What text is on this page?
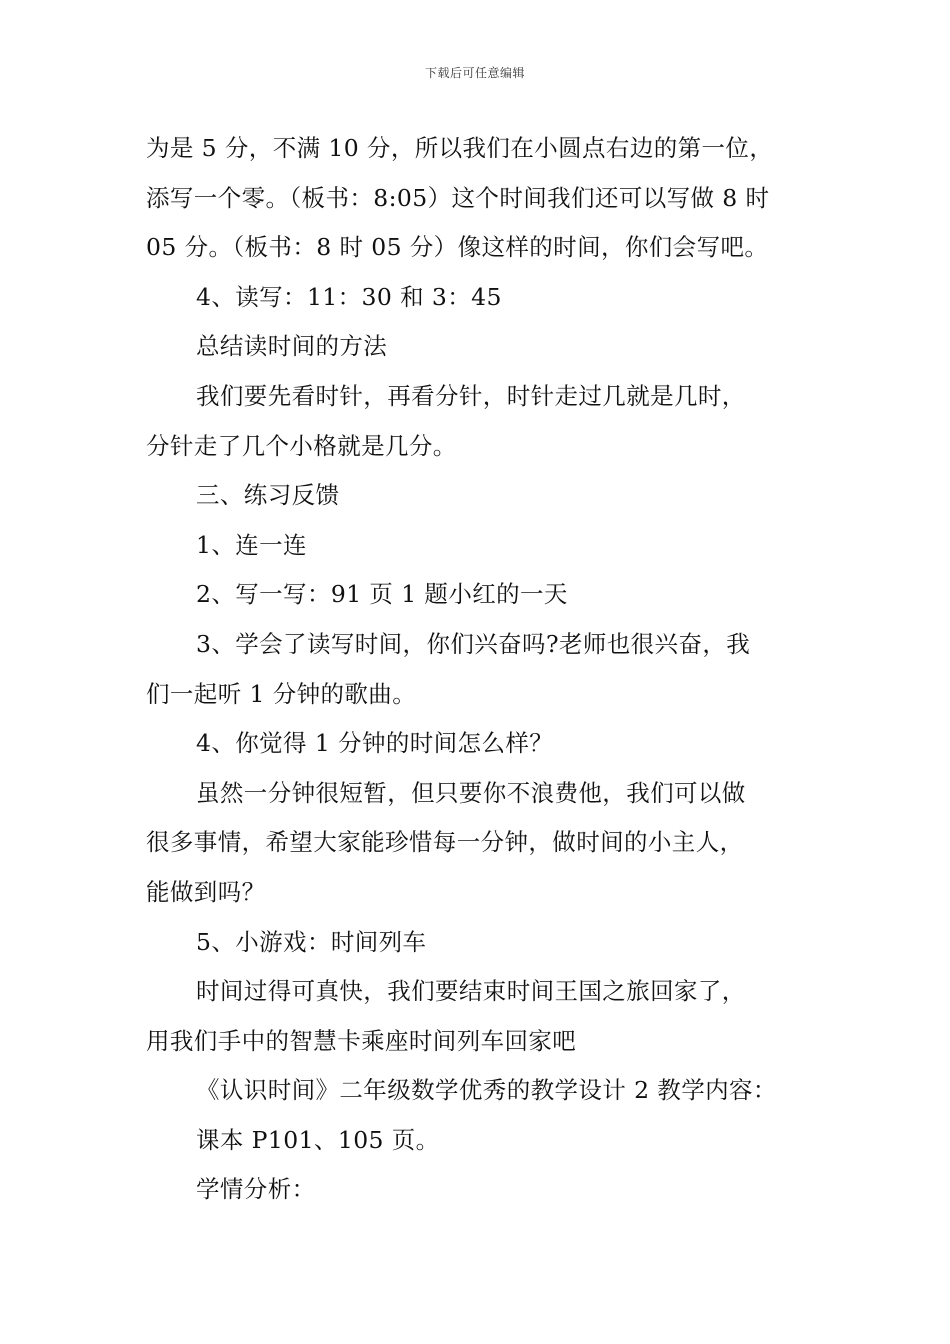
下载后可任意编辑
为是 5 分，不满 10 分，所以我们在小圆点右边的第一位，
添写一个零。（板书：8:05）这个时间我们还可以写做 8 时
05 分。（板书：8 时 05 分）像这样的时间，你们会写吧。
4、读写：11：30 和 3：45
总结读时间的方法
我们要先看时针，再看分针，时针走过几就是几时，
分针走了几个小格就是几分。
三、练习反馈
1、连一连
2、写一写：91 页 1 题小红的一天
3、学会了读写时间，你们兴奋吗?老师也很兴奋，我
们一起听 1 分钟的歌曲。
4、你觉得 1 分钟的时间怎么样？
虽然一分钟很短暂，但只要你不浪费他，我们可以做
很多事情，希望大家能珍惜每一分钟，做时间的小主人，
能做到吗？
5、小游戏：时间列车
时间过得可真快，我们要结束时间王国之旅回家了，
用我们手中的智慧卡乘座时间列车回家吧
《认识时间》二年级数学优秀的教学设计 2 教学内容：
课本 P101、105 页。
学情分析：
